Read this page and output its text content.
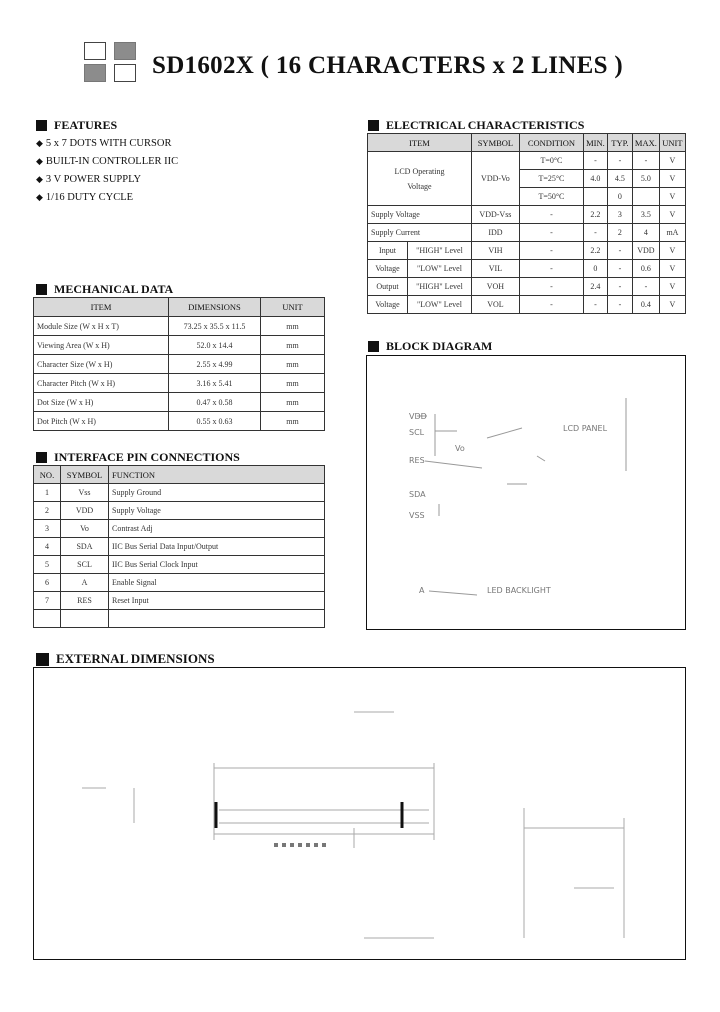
SD1602X ( 16 CHARACTERS x 2 LINES )
FEATURES
◆ 5 x 7 DOTS WITH CURSOR
◆ BUILT-IN CONTROLLER IIC
◆ 3 V POWER SUPPLY
◆ 1/16 DUTY CYCLE
MECHANICAL DATA
ITEM	DIMENSIONS	UNIT
Module Size (W x H x T)	73.25 x 35.5 x 11.5	mm
Viewing Area (W x H)	52.0 x 14.4	mm
Character Size (W x H)	2.55 x 4.99	mm
Character Pitch (W x H)	3.16 x 5.41	mm
Dot Size (W x H)	0.47 x 0.58	mm
Dot Pitch (W x H)	0.55 x 0.63	mm
INTERFACE PIN CONNECTIONS
NO.	SYMBOL	FUNCTION
1	Vss	Supply Ground
2	VDD	Supply Voltage
3	Vo	Contrast Adj
4	SDA	IIC Bus Serial Data Input/Output
5	SCL	IIC Bus Serial Clock Input
6	A	Enable Signal
7	RES	Reset Input

ELECTRICAL CHARACTERISTICS
ITEM		SYMBOL	CONDITION	MIN.	TYP.	MAX.	UNIT

LCD Operating
Voltage		VDD-Vo	T=0°C	-	-	-	V
			T=25°C	4.0	4.5	5.0	V
			T=50°C		0		V
Supply Voltage		VDD-Vss	-	2.2	3	3.5	V
Supply Current		IDD	-	-	2	4	mA
Input	"HIGH" Level	VIH	-	2.2	-	VDD	V
Voltage	"LOW" Level	VIL	-	0	-	0.6	V
Output	"HIGH" Level	VOH	-	2.4	-	-	V
Voltage	"LOW" Level	VOL	-	-	-	0.4	V
BLOCK DIAGRAM
VDD
SCL
RES
SDA
VSS
Vo
LCD PANEL
A	LED BACKLIGHT
EXTERNAL DIMENSIONS
